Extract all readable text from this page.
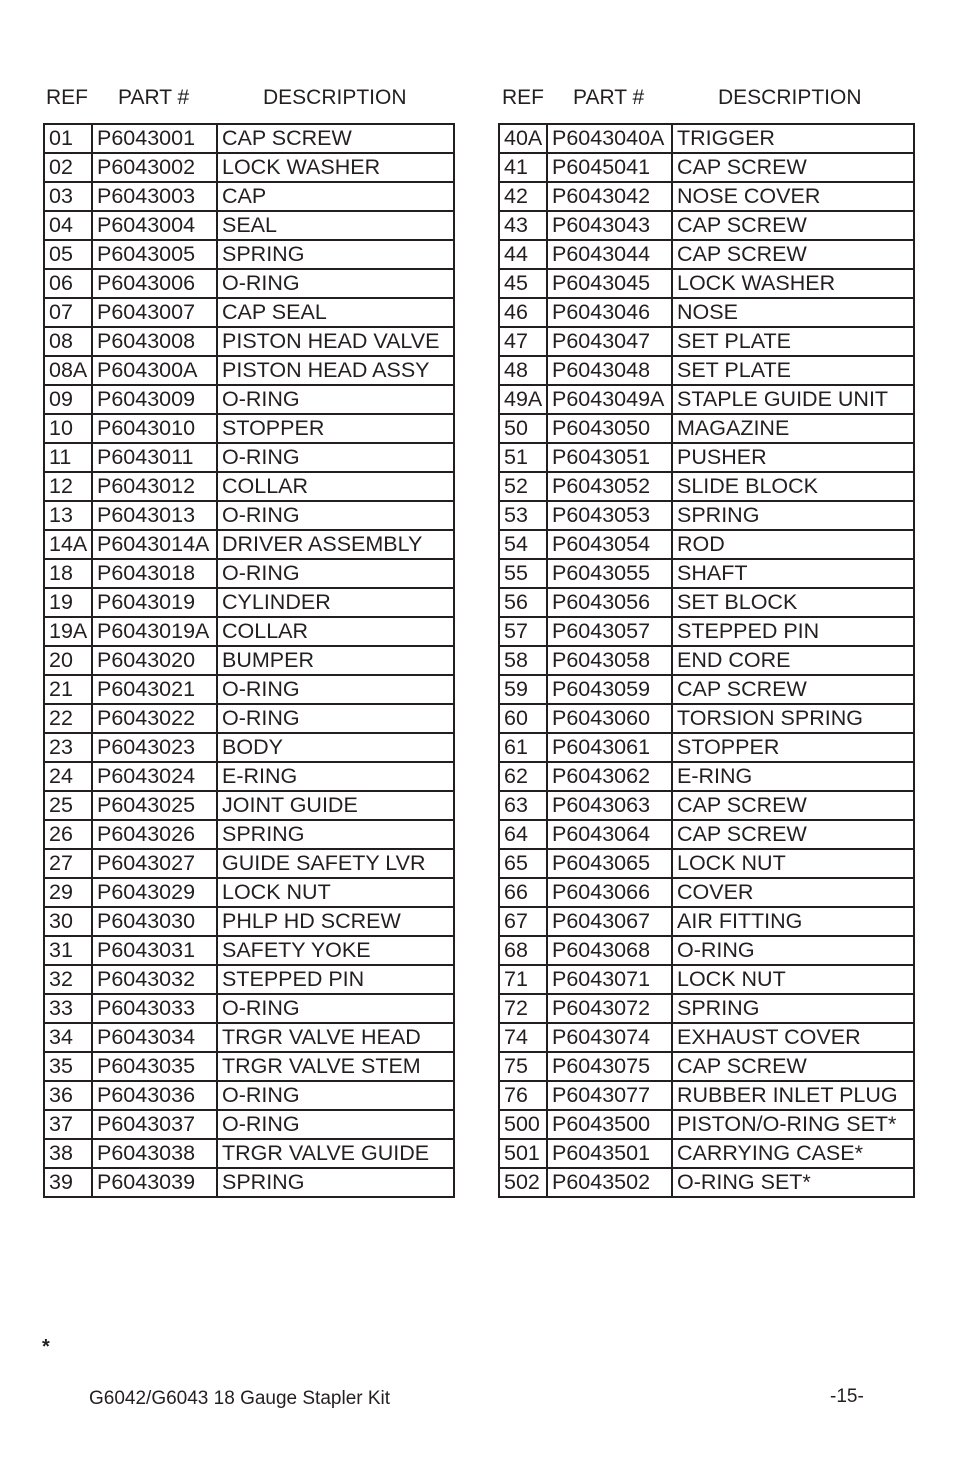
REF PART #	DESCRIPTION	REF PART #	DESCRIPTION
01	P6043001	CAP SCREW
02	P6043002	LOCK WASHER
03	P6043003	CAP
04	P6043004	SEAL
05	P6043005	SPRING
06	P6043006	O-RING
07	P6043007	CAP SEAL
08	P6043008	PISTON HEAD VALVE
08A	P604300A	PISTON HEAD ASSY
09	P6043009	O-RING
10	P6043010	STOPPER
11	P6043011	O-RING
12	P6043012	COLLAR
13	P6043013	O-RING
14A	P6043014A	DRIVER ASSEMBLY
18	P6043018	O-RING
19	P6043019	CYLINDER
19A	P6043019A	COLLAR
20	P6043020	BUMPER
21	P6043021	O-RING
22	P6043022	O-RING
23	P6043023	BODY
24	P6043024	E-RING
25	P6043025	JOINT GUIDE
26	P6043026	SPRING
27	P6043027	GUIDE SAFETY LVR
29	P6043029	LOCK NUT
30	P6043030	PHLP HD SCREW
31	P6043031	SAFETY YOKE
32	P6043032	STEPPED PIN
33	P6043033	O-RING
34	P6043034	TRGR VALVE HEAD
35	P6043035	TRGR VALVE STEM
36	P6043036	O-RING
37	P6043037	O-RING
38	P6043038	TRGR VALVE GUIDE
39	P6043039	SPRING
40A	P6043040A	TRIGGER
41	P6045041	CAP SCREW
42	P6043042	NOSE COVER
43	P6043043	CAP SCREW
44	P6043044	CAP SCREW
45	P6043045	LOCK WASHER
46	P6043046	NOSE
47	P6043047	SET PLATE
48	P6043048	SET PLATE
49A	P6043049A	STAPLE GUIDE UNIT
50	P6043050	MAGAZINE
51	P6043051	PUSHER
52	P6043052	SLIDE BLOCK
53	P6043053	SPRING
54	P6043054	ROD
55	P6043055	SHAFT
56	P6043056	SET BLOCK
57	P6043057	STEPPED PIN
58	P6043058	END CORE
59	P6043059	CAP SCREW
60	P6043060	TORSION SPRING
61	P6043061	STOPPER
62	P6043062	E-RING
63	P6043063	CAP SCREW
64	P6043064	CAP SCREW
65	P6043065	LOCK NUT
66	P6043066	COVER
67	P6043067	AIR FITTING
68	P6043068	O-RING
71	P6043071	LOCK NUT
72	P6043072	SPRING
74	P6043074	EXHAUST COVER
75	P6043075	CAP SCREW
76	P6043077	RUBBER INLET PLUG
500	P6043500	PISTON/O-RING SET*
501	P6043501	CARRYING CASE*
502	P6043502	O-RING SET*
*
G6042/G6043 18 Gauge Stapler Kit	-15-
